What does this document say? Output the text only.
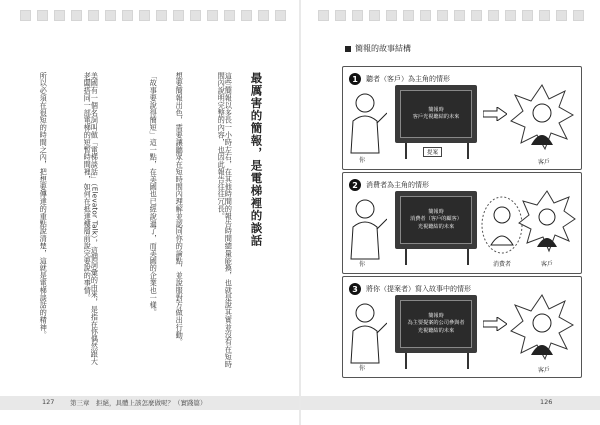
最厲害的簡報，是電梯裡的談話
這些簡報以多長一小時左右，在其他時間的報告時間總量能換，也就是說其實並沒有在短時間內說明完整的內容，也因此報告往往冗長。
想要簡報出色，需要讓聽眾在短時間內理解並認同你的論點，並說服對方做出行動。
「故事要說得簡短」這一點，在美國也已經說過了，而美國的企業也一樣。
美國有一個名詞叫做「電梯談話」（Elevator Talk），這個詞彙的由來，是指在你偶然跟大老闆搭同一部電梯的短暫時間裡，如何在抵達樓層前說完要說的事情。
所以必須在很短的時間之內，把想要傳達的重點說清楚，這就是電梯談話的精神。
127 第三章　拒絕，具體上該怎麼做呢？（實踐篇）	126
簡報的故事結構
1	聽者（客戶）為主角的情形
你
簡報時
客戶光視聽結的未來
提案
客戶
2	消費者為主角的情形
你
簡報時
消費者（客戶的顧客）
光視聽結的未來
消費者	客戶
3	將你（提案者）寫入故事中的情形
你
簡報時
為主要提案的公司參與者
光視聽結的未來
客戶
